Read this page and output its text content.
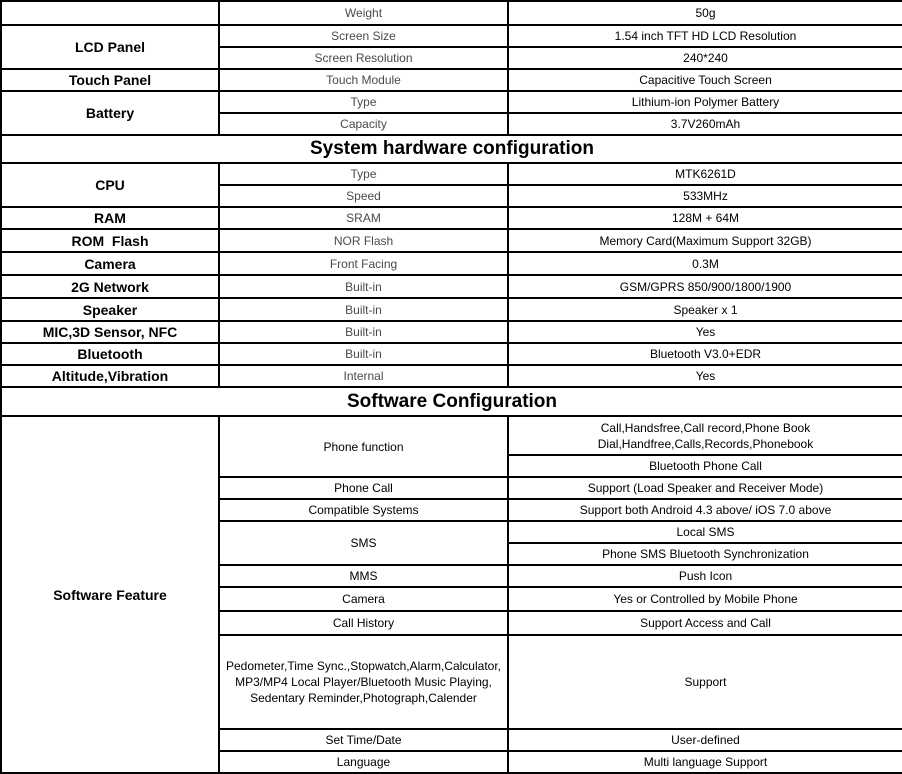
	Weight	50g
LCD Panel	Screen Size	1.54 inch TFT HD LCD Resolution
	Screen Resolution	240*240
Touch Panel	Touch Module	Capacitive Touch Screen
Battery	Type	Lithium-ion Polymer Battery
	Capacity	3.7V260mAh
System hardware configuration		
CPU	Type	MTK6261D
	Speed	533MHz
RAM	SRAM	128M + 64M
ROM  Flash	NOR Flash	Memory Card(Maximum Support 32GB)
Camera	Front Facing	0.3M
2G Network	Built-in	GSM/GPRS 850/900/1800/1900
Speaker	Built-in	Speaker x 1
MIC,3D Sensor, NFC	Built-in	Yes
Bluetooth	Built-in	Bluetooth V3.0+EDR
Altitude,Vibration	Internal	Yes
Software Configuration		
Software Feature	Phone function	Call,Handsfree,Call record,Phone Book
Dial,Handfree,Calls,Records,Phonebook

		Bluetooth Phone Call
	Phone Call	Support (Load Speaker and Receiver Mode)
	Compatible Systems	Support both Android 4.3 above/ iOS 7.0 above
	SMS	Local SMS
		Phone SMS Bluetooth Synchronization
	MMS	Push Icon
	Camera	Yes or Controlled by Mobile Phone
	Call History	Support Access and Call

	Pedometer,Time Sync.,Stopwatch,Alarm,Calculator,
MP3/MP4 Local Player/Bluetooth Music Playing,
Sedentary Reminder,Photograph,Calender	Support
	Set Time/Date	User-defined
	Language	Multi language Support
